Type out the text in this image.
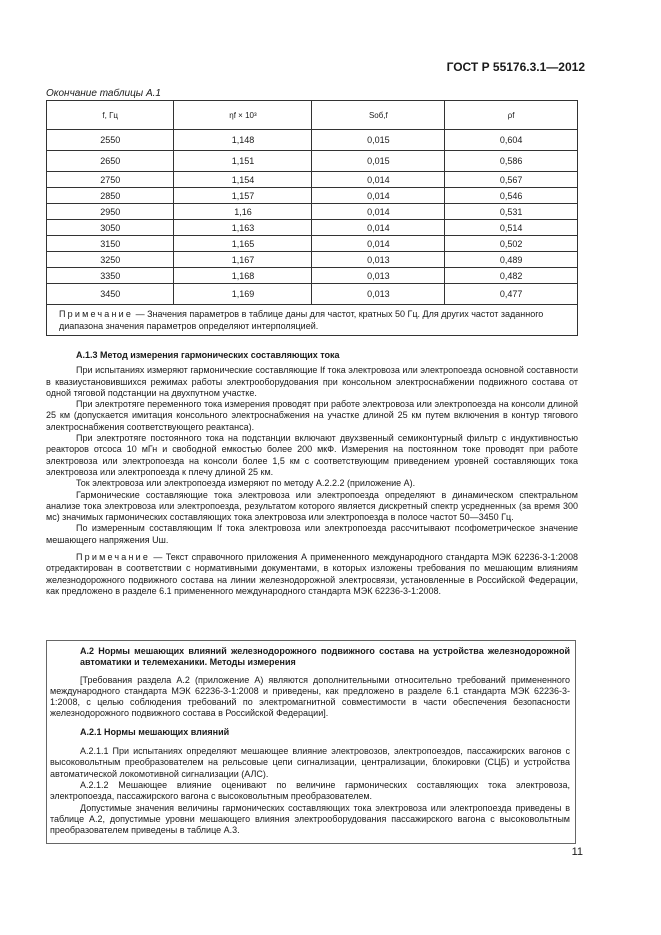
ГОСТ Р 55176.3.1—2012
Окончание таблицы А.1
f, Гц	ηf × 10³	Sоб,f	ρf
2550	1,148	0,015	0,604
2650	1,151	0,015	0,586
2750	1,154	0,014	0,567
2850	1,157	0,014	0,546
2950	1,16	0,014	0,531
3050	1,163	0,014	0,514
3150	1,165	0,014	0,502
3250	1,167	0,013	0,489
3350	1,168	0,013	0,482
3450	1,169	0,013	0,477
Примечание — Значения параметров в таблице даны для частот, кратных 50 Гц. Для других частот заданного диапазона значения параметров определяют интерполяцией.			
А.1.3 Метод измерения гармонических составляющих тока

При испытаниях измеряют гармонические составляющие If тока электровоза или электропоезда основной составности в квазиустановившихся режимах работы электрооборудования при консольном электроснабжении подвижного состава от одной тяговой подстанции на двухпутном участке.

При электротяге переменного тока измерения проводят при работе электровоза или электропоезда на консоли длиной 25 км (допускается имитация консольного электроснабжения на участке длиной 25 км путем включения в контур тягового электроснабжения соответствующего реактанса).

При электротяге постоянного тока на подстанции включают двухзвенный семиконтурный фильтр с индуктивностью реакторов отсоса 10 мГн и свободной емкостью более 200 мкФ. Измерения на постоянном токе проводят при работе электровоза или электропоезда на консоли более 1,5 км с соответствующим приведением уровней составляющих тока электровоза или электропоезда к плечу длиной 25 км.

Ток электровоза или электропоезда измеряют по методу А.2.2.2 (приложение А).

Гармонические составляющие тока электровоза или электропоезда определяют в динамическом спектральном анализе тока электровоза или электропоезда, результатом которого является дискретный спектр усредненных (за время 300 мс) значимых гармонических составляющих тока электровоза или электропоезда в полосе частот 50—3450 Гц.

По измеренным составляющим If тока электровоза или электропоезда рассчитывают псофометрическое значение мешающего напряжения Uш.

Примечание — Текст справочного приложения А примененного международного стандарта МЭК 62236-3-1:2008 отредактирован в соответствии с нормативными документами, в которых изложены требования по мешающим влияниям железнодорожного подвижного состава на линии железнодорожной электросвязи, установленные в Российской Федерации, как предложено в разделе 6.1 примененного международного стандарта МЭК 62236-3-1:2008.

А.2 Нормы мешающих влияний железнодорожного подвижного состава на устройства железнодорожной автоматики и телемеханики. Методы измерения

[Требования раздела А.2 (приложение А) являются дополнительными относительно требований примененного международного стандарта МЭК 62236-3-1:2008 и приведены, как предложено в разделе 6.1 стандарта МЭК 62236-3-1:2008, с целью соблюдения требований по электромагнитной совместимости в части обеспечения безопасности железнодорожного подвижного состава в Российской Федерации].

А.2.1 Нормы мешающих влияний

А.2.1.1 При испытаниях определяют мешающее влияние электровозов, электропоездов, пассажирских вагонов с высоковольтным преобразователем на рельсовые цепи сигнализации, централизации, блокировки (СЦБ) и устройства автоматической локомотивной сигнализации (АЛС).

А.2.1.2 Мешающее влияние оценивают по величине гармонических составляющих тока электровоза, электропоезда, пассажирского вагона с высоковольтным преобразователем.

Допустимые значения величины гармонических составляющих тока электровоза или электропоезда приведены в таблице А.2, допустимые уровни мешающего влияния электрооборудования пассажирского вагона с высоковольтным преобразователем приведены в таблице А.3.

11
